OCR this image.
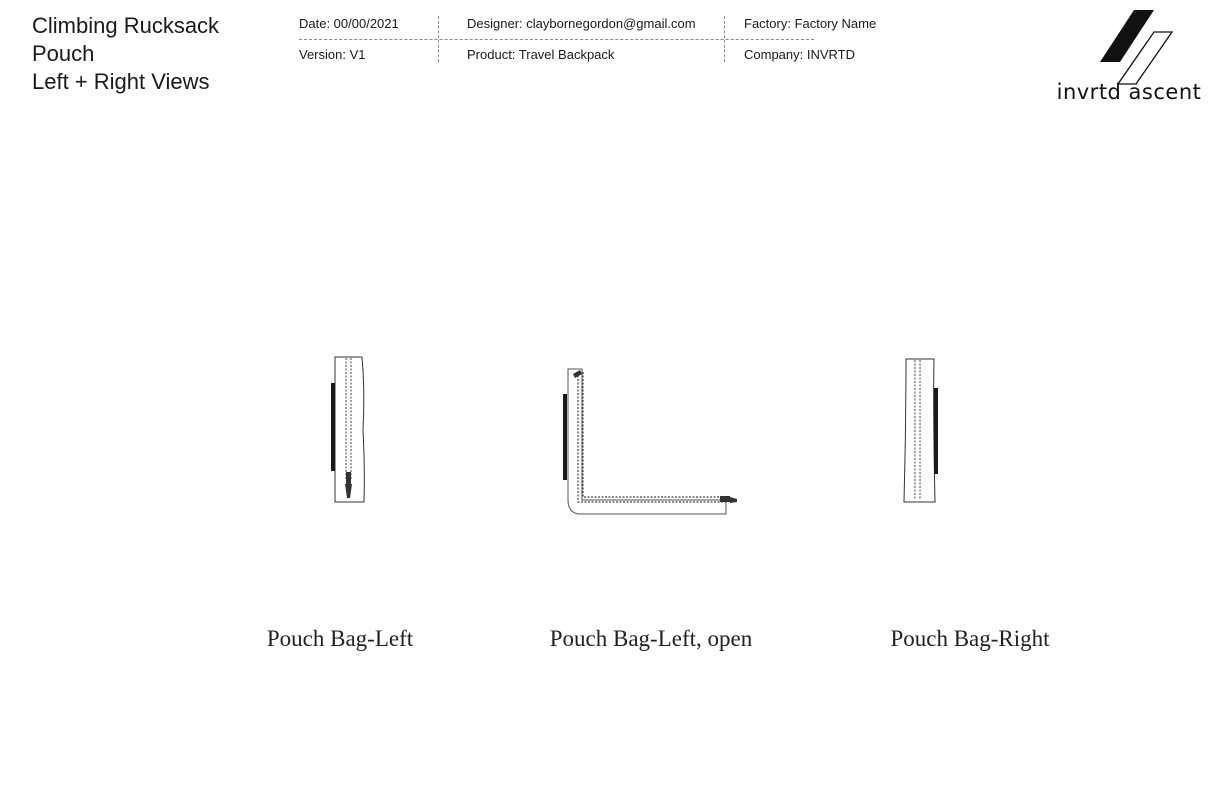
Climbing Rucksack
Pouch
Left + Right Views
Date: 00/00/2021	Designer: claybornegordon@gmail.com	Factory: Factory Name
Version: V1	Product: Travel Backpack	Company: INVRTD
invrtd ascent
Pouch Bag-Left	Pouch Bag-Left, open	Pouch Bag-Right
